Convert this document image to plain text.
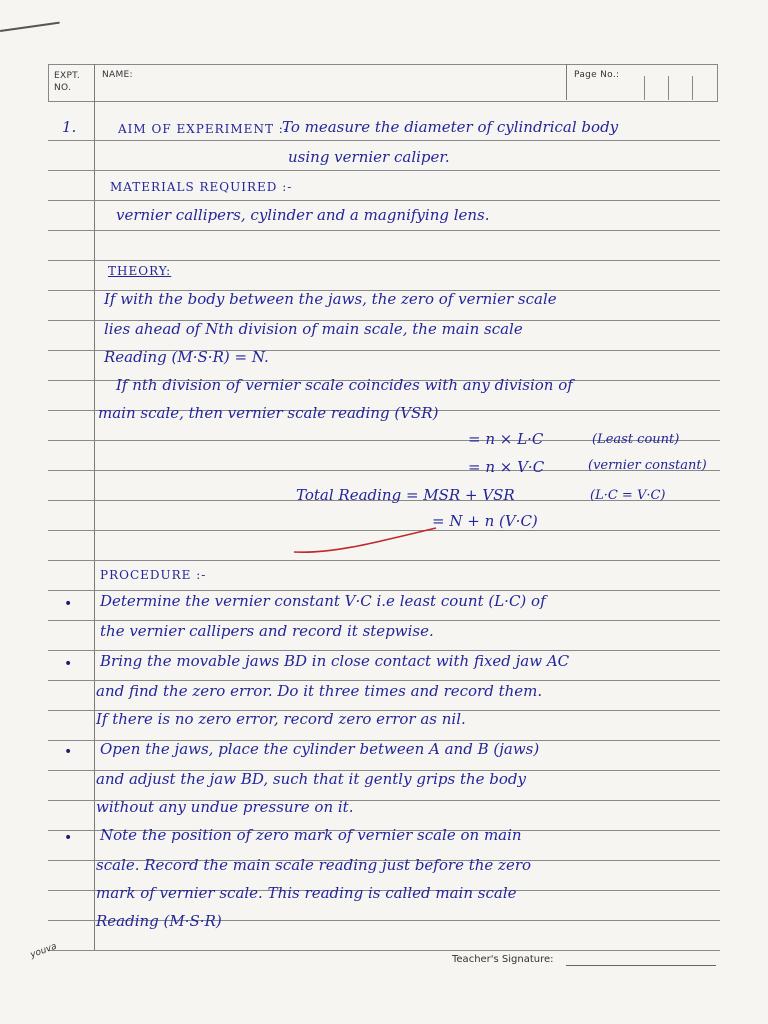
EXPT. NO.
NAME:	Page No.:
1.	AIM OF EXPERIMENT :-
To measure the diameter of cylindrical body
using vernier caliper.
MATERIALS REQUIRED :-
vernier callipers, cylinder and a magnifying lens.
THEORY:
If with the body between the jaws, the zero of vernier scale
lies ahead of Nth division of main scale, the main scale
Reading (M·S·R) = N.
If nth division of vernier scale coincides with any division of
main scale, then vernier scale reading (VSR)
= n × L·C	(Least count)
= n × V·C	(vernier constant)
Total Reading = MSR + VSR	(L·C = V·C)
= N + n (V·C)
PROCEDURE :-
• Determine the vernier constant V·C i.e least count (L·C) of
the vernier callipers and record it stepwise.
• Bring the movable jaws BD in close contact with fixed jaw AC
and find the zero error. Do it three times and record them.
If there is no zero error, record zero error as nil.
• Open the jaws, place the cylinder between A and B (jaws)
and adjust the jaw BD, such that it gently grips the body
without any undue pressure on it.
• Note the position of zero mark of vernier scale on main
scale. Record the main scale reading just before the zero
mark of vernier scale. This reading is called main scale
Reading (M·S·R)
youva	Teacher's Signature:
